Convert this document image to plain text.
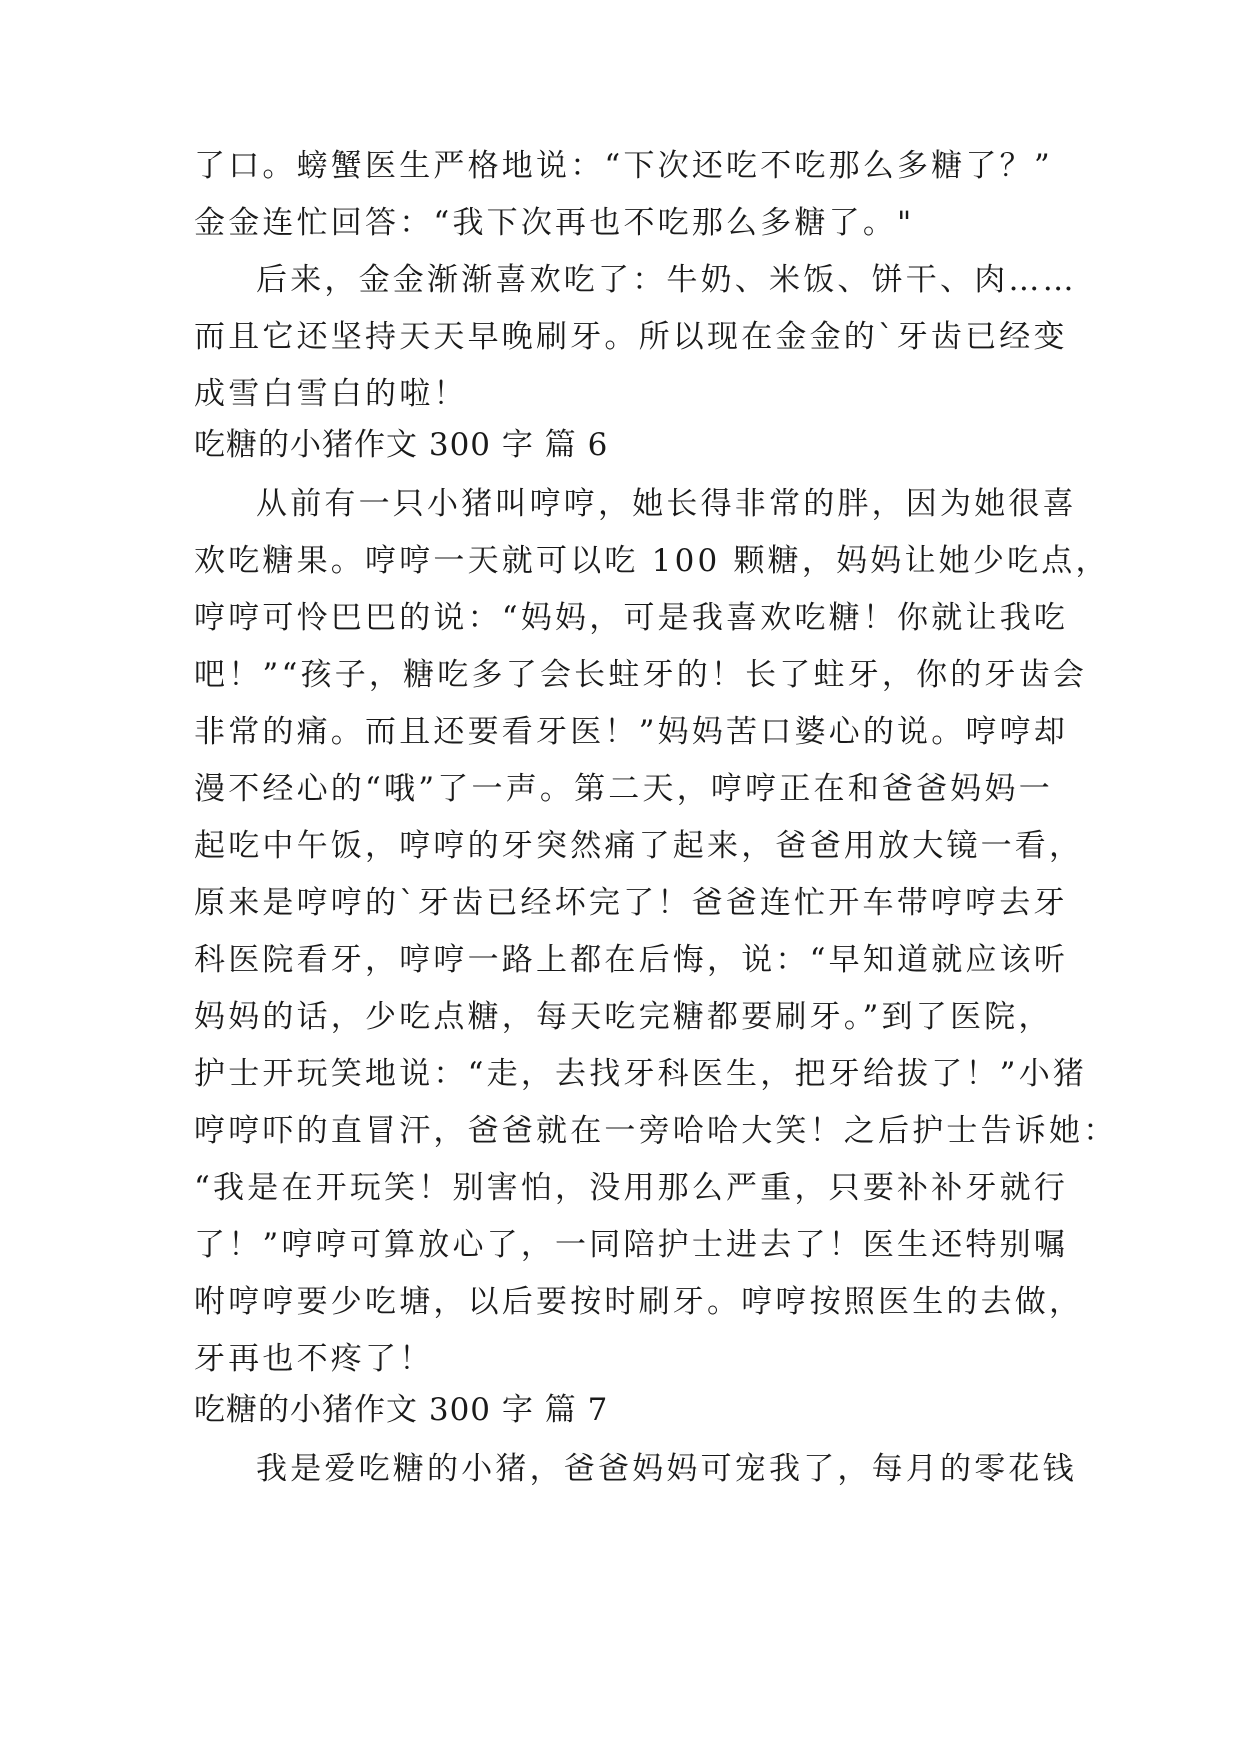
了口。螃蟹医生严格地说：“下次还吃不吃那么多糖了？”
金金连忙回答：“我下次再也不吃那么多糖了。"
后来，金金渐渐喜欢吃了：牛奶、米饭、饼干、肉……
而且它还坚持天天早晚刷牙。所以现在金金的`牙齿已经变
成雪白雪白的啦！
吃糖的小猪作文 300 字 篇 6
从前有一只小猪叫哼哼，她长得非常的胖，因为她很喜
欢吃糖果。哼哼一天就可以吃 100 颗糖，妈妈让她少吃点，
哼哼可怜巴巴的说：“妈妈，可是我喜欢吃糖！你就让我吃
吧！”“孩子，糖吃多了会长蛀牙的！长了蛀牙，你的牙齿会
非常的痛。而且还要看牙医！”妈妈苦口婆心的说。哼哼却
漫不经心的“哦”了一声。第二天，哼哼正在和爸爸妈妈一
起吃中午饭，哼哼的牙突然痛了起来，爸爸用放大镜一看，
原来是哼哼的`牙齿已经坏完了！爸爸连忙开车带哼哼去牙
科医院看牙，哼哼一路上都在后悔，说：“早知道就应该听
妈妈的话，少吃点糖，每天吃完糖都要刷牙。”到了医院，
护士开玩笑地说：“走，去找牙科医生，把牙给拔了！”小猪
哼哼吓的直冒汗，爸爸就在一旁哈哈大笑！之后护士告诉她：
“我是在开玩笑！别害怕，没用那么严重，只要补补牙就行
了！”哼哼可算放心了，一同陪护士进去了！医生还特别嘱
咐哼哼要少吃塘，以后要按时刷牙。哼哼按照医生的去做，
牙再也不疼了！
吃糖的小猪作文 300 字 篇 7
我是爱吃糖的小猪，爸爸妈妈可宠我了，每月的零花钱
